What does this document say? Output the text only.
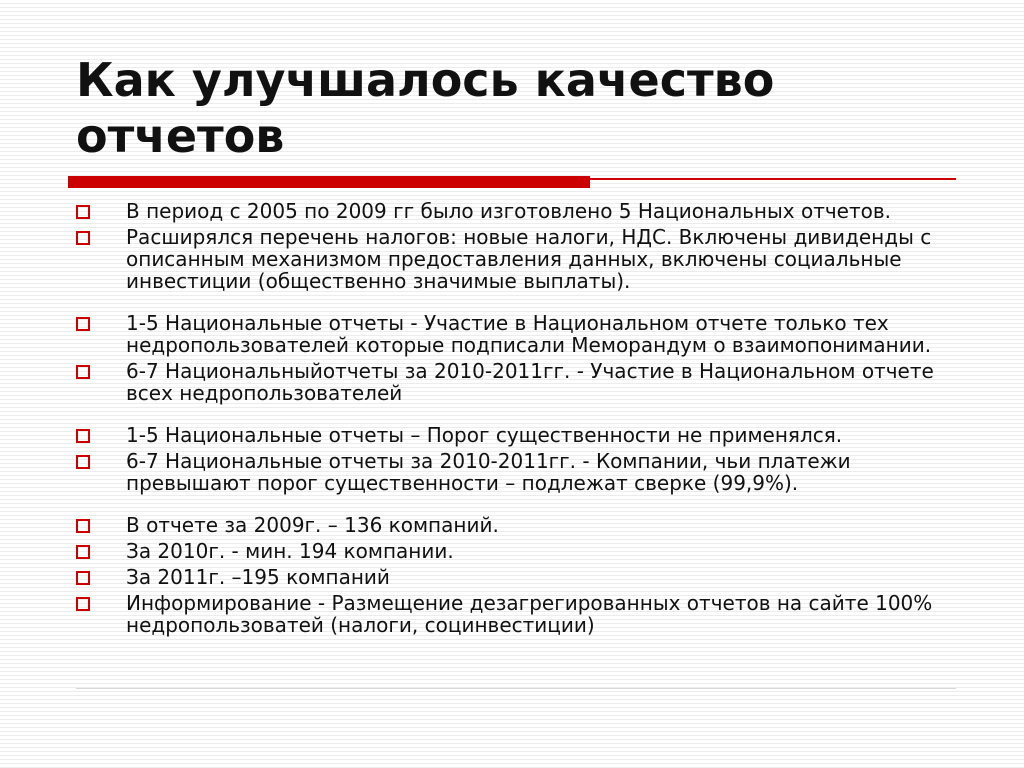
Как улучшалось качество отчетов
В период с 2005 по 2009 гг было изготовлено 5 Национальных отчетов.
Расширялся перечень налогов: новые налоги, НДС. Включены дивиденды с описанным механизмом предоставления данных, включены социальные инвестиции (общественно значимые выплаты).
1-5 Национальные отчеты - Участие в Национальном отчете только тех недропользователей которые подписали Меморандум о взаимопонимании.
6-7 Национальныйотчеты за 2010-2011гг. - Участие в Национальном отчете всех недропользователей
1-5 Национальные отчеты – Порог существенности не применялся.
6-7 Национальные отчеты за 2010-2011гг. - Компании, чьи платежи превышают порог существенности – подлежат сверке (99,9%).
В отчете за 2009г. – 136 компаний.
За 2010г. - мин. 194 компании.
За 2011г. –195 компаний
Информирование - Размещение дезагрегированных отчетов на сайте 100% недропользоватей (налоги, социнвестиции)
